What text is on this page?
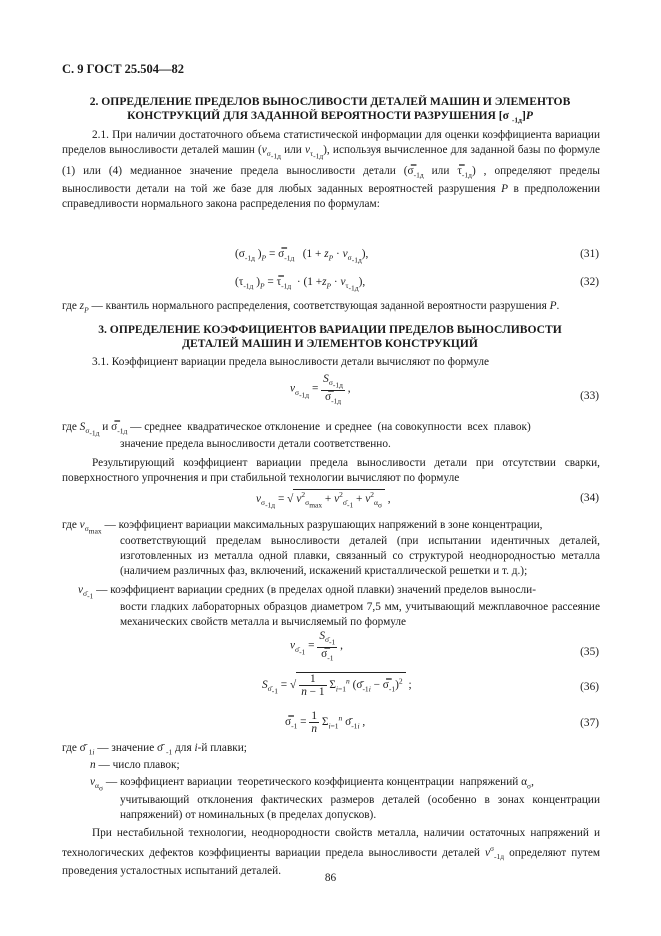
С. 9 ГОСТ 25.504—82
2. ОПРЕДЕЛЕНИЕ ПРЕДЕЛОВ ВЫНОСЛИВОСТИ ДЕТАЛЕЙ МАШИН И ЭЛЕМЕНТОВ
КОНСТРУКЦИЙ ДЛЯ ЗАДАННОЙ ВЕРОЯТНОСТИ РАЗРУШЕНИЯ [σ $_{-1д}$]P
2.1. При наличии достаточного объема статистической информации для оценки коэффициента вариации пределов выносливости деталей машин ($v_{\sigma_{-1д}}$ или $v_{\tau_{-1д}}$), используя вычисленное для заданной базы по формуле (1) или (4) медианное значение предела выносливости детали ($\sigma̿_{-1д}$ или $\tau̿_{-1д}$) , определяют пределы выносливости детали на той же базе для любых заданных вероятностей разрушения P в предположении справедливости нормального закона распределения по формулам:
($\sigma_{-1д}$ )$_P$ = $\sigma̿_{-1д}$   $(1 + z_P \cdot v_{\sigma_{-1д}})$,	(31)
($\tau_{-1д}$ )$_P$ = $\tau̿_{-1д} \cdot (1 +z_P \cdot v_{\tau_{-1д}})$,	(32)
где $z_P$ — квантиль нормального распределения, соответствующая заданной вероятности разрушения P.
3. ОПРЕДЕЛЕНИЕ КОЭФФИЦИЕНТОВ ВАРИАЦИИ ПРЕДЕЛОВ ВЫНОСЛИВОСТИ
ДЕТАЛЕЙ МАШИН И ЭЛЕМЕНТОВ КОНСТРУКЦИЙ
3.1. Коэффициент вариации предела выносливости детали вычисляют по формуле
$v_{\sigma_{-1д}} = \frac{S_{\sigma_{-1д}}}{\sigma̿_{-1д}}$ ,
(33)
где $S_{\sigma_{-1д}}$ и $\sigma̿_{-1д}$ — среднее  квадратическое отклонение  и среднее  (на совокупности  всех  плавок)
значение предела выносливости детали соответственно.
Результирующий коэффициент вариации предела выносливости детали при отсутствии сварки, поверхностного упрочнения и при стабильной технологии вычисляют по формуле
$v_{\sigma_{-1д}}$ = √ $v^2_{\sigma_{max}} + v^2_{\sigmā_{-1}} + v^2_{\alpha_\sigma}$ ,	(34)
где $v_{\sigma_{max}}$ — коэффициент вариации максимальных разрушающих напряжений в зоне концентрации,
соответствующий пределам выносливости деталей (при испытании идентичных деталей, изготовленных из металла одной плавки, связанный со структурой неоднородностью металла (наличием различных фаз, включений, искажений кристаллической решетки и т. д.);
$v_{\sigmā_{-1}}$ — коэффициент вариации средних (в пределах одной плавки) значений пределов выносли-
вости гладких лабораторных образцов диаметром 7,5 мм, учитывающий межплавочное рассеяние механических свойств металла и вычисляемый по формуле
$v_{\sigmā_{-1}} = \frac{S_{\sigmā_{-1}}}{\sigma̿_{-1}}$ ,
(35)
$S_{\sigmā_{-1}}$ = √ $\frac{1}{n - 1} \Sigma_{i=1}^n$ ($\sigmā_{-1i}$ − $\sigma̿_{-1})^2$ ;	(36)
$\sigma̿_{-1} = \frac{1}{n} \Sigma_{i=1}^n$ $\sigmā_{-1i}$ ,	(37)
где σ̄ $_{1i}$ — значение σ̄ $_{-1}$ для i-й плавки;
n — число плавок;
$v_{\alpha_\sigma}$ — коэффициент вариации  теоретического коэффициента концентрации  напряжений $\alpha_\sigma$,
учитывающий отклонения фактических размеров деталей (особенно в зонах концентрации напряжений) от номинальных (в пределах допусков).
При нестабильной технологии, неоднородности свойств металла, наличии остаточных напряжений и технологических дефектов коэффициенты вариации предела выносливости деталей $v^\sigma_{-1д}$ определяют путем проведения усталостных испытаний деталей.
86
